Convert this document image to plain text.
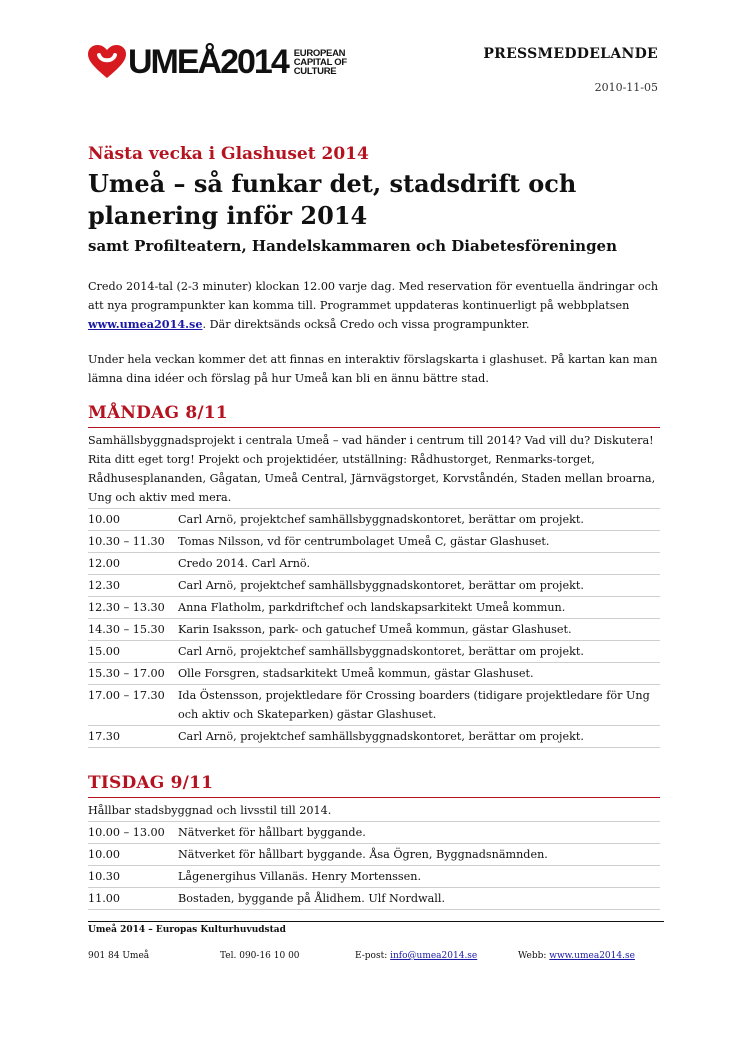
UMEÅ2014 EUROPEAN
CAPITAL OF
CULTURE
PRESSMEDDELANDE
2010-11-05
Nästa vecka i Glashuset 2014
Umeå – så funkar det, stadsdrift och planering inför 2014
samt Profilteatern, Handelskammaren och Diabetesföreningen
Credo 2014-tal (2-3 minuter) klockan 12.00 varje dag. Med reservation för eventuella ändringar och att nya programpunkter kan komma till. Programmet uppdateras kontinuerligt på webbplatsen www.umea2014.se. Där direktsänds också Credo och vissa programpunkter.
Under hela veckan kommer det att finnas en interaktiv förslagskarta i glashuset. På kartan kan man lämna dina idéer och förslag på hur Umeå kan bli en ännu bättre stad.
MÅNDAG 8/11
Samhällsbyggnadsprojekt i centrala Umeå – vad händer i centrum till 2014? Vad vill du? Diskutera! Rita ditt eget torg! Projekt och projektidéer, utställning: Rådhustorget, Renmarks-torget, Rådhusesplananden, Gågatan, Umeå Central, Järnvägstorget, Korvståndén, Staden mellan broarna, Ung och aktiv med mera.
10.00	Carl Arnö, projektchef samhällsbyggnadskontoret, berättar om projekt.
10.30 – 11.30	Tomas Nilsson, vd för centrumbolaget Umeå C, gästar Glashuset.
12.00	Credo 2014. Carl Arnö.
12.30	Carl Arnö, projektchef samhällsbyggnadskontoret, berättar om projekt.
12.30 – 13.30	Anna Flatholm, parkdriftchef och landskapsarkitekt Umeå kommun.
14.30 – 15.30	Karin Isaksson, park- och gatuchef Umeå kommun, gästar Glashuset.
15.00	Carl Arnö, projektchef samhällsbyggnadskontoret, berättar om projekt.
15.30 – 17.00	Olle Forsgren, stadsarkitekt Umeå kommun, gästar Glashuset.
17.00 – 17.30	Ida Östensson, projektledare för Crossing boarders (tidigare projektledare för Ung och aktiv och Skateparken) gästar Glashuset.
17.30	Carl Arnö, projektchef samhällsbyggnadskontoret, berättar om projekt.
TISDAG 9/11
Hållbar stadsbyggnad och livsstil till 2014.
10.00 – 13.00	Nätverket för hållbart byggande.
10.00	Nätverket för hållbart byggande. Åsa Ögren, Byggnadsnämnden.
10.30	Lågenergihus Villanäs. Henry Mortenssen.
11.00	Bostaden, byggande på Ålidhem. Ulf Nordwall.
Umeå 2014 – Europas Kulturhuvudstad
901 84 Umeå	Tel. 090-16 10 00	E-post: info@umea2014.se	Webb: www.umea2014.se
